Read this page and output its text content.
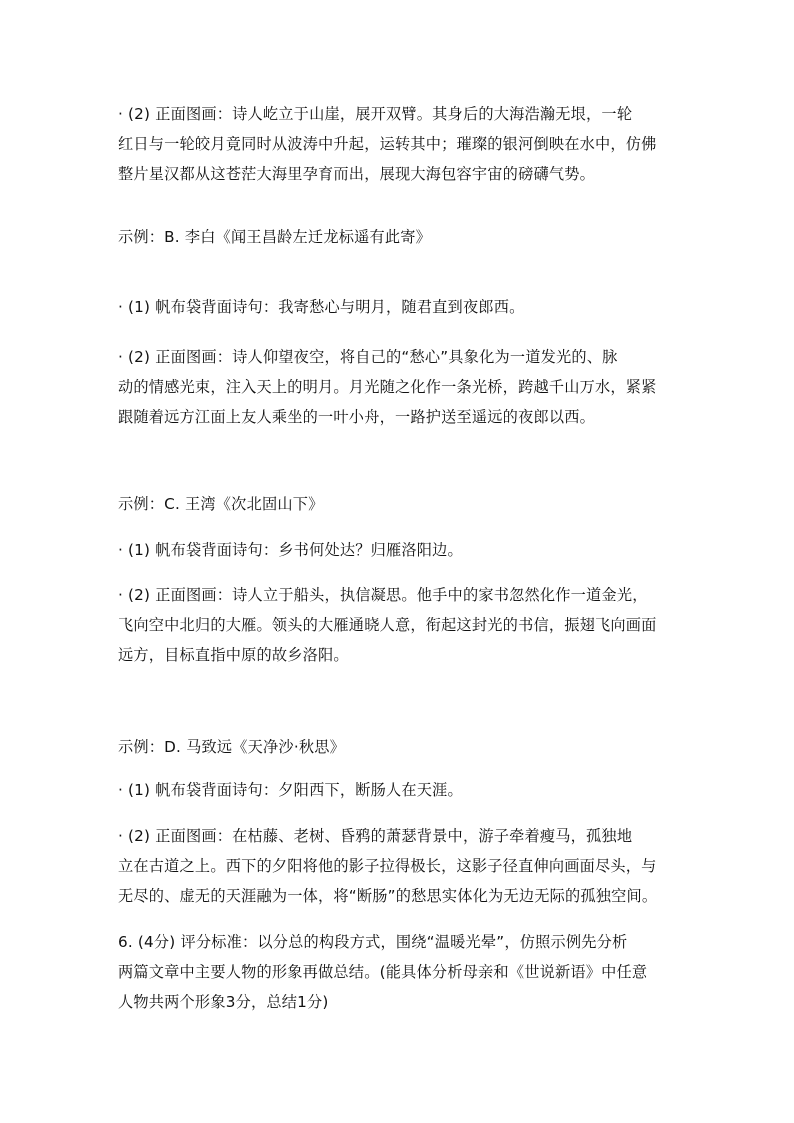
· (2) 正面图画：诗人屹立于山崖，展开双臂。其身后的大海浩瀚无垠，一轮
红日与一轮皎月竟同时从波涛中升起，运转其中；璀璨的银河倒映在水中，仿佛
整片星汉都从这苍茫大海里孕育而出，展现大海包容宇宙的磅礴气势。
示例：B. 李白《闻王昌龄左迁龙标遥有此寄》
· (1) 帆布袋背面诗句：我寄愁心与明月，随君直到夜郎西。
· (2) 正面图画：诗人仰望夜空，将自己的“愁心”具象化为一道发光的、脉
动的情感光束，注入天上的明月。月光随之化作一条光桥，跨越千山万水，紧紧
跟随着远方江面上友人乘坐的一叶小舟，一路护送至遥远的夜郎以西。
示例：C. 王湾《次北固山下》
· (1) 帆布袋背面诗句：乡书何处达？归雁洛阳边。
· (2) 正面图画：诗人立于船头，执信凝思。他手中的家书忽然化作一道金光，
飞向空中北归的大雁。领头的大雁通晓人意，衔起这封光的书信，振翅飞向画面
远方，目标直指中原的故乡洛阳。
示例：D. 马致远《天净沙·秋思》
· (1) 帆布袋背面诗句：夕阳西下，断肠人在天涯。
· (2) 正面图画：在枯藤、老树、昏鸦的萧瑟背景中，游子牵着瘦马，孤独地
立在古道之上。西下的夕阳将他的影子拉得极长，这影子径直伸向画面尽头，与
无尽的、虚无的天涯融为一体，将“断肠”的愁思实体化为无边无际的孤独空间。
6. (4分) 评分标准：以分总的构段方式，围绕“温暖光晕”，仿照示例先分析
两篇文章中主要人物的形象再做总结。(能具体分析母亲和《世说新语》中任意
人物共两个形象3分，总结1分)
